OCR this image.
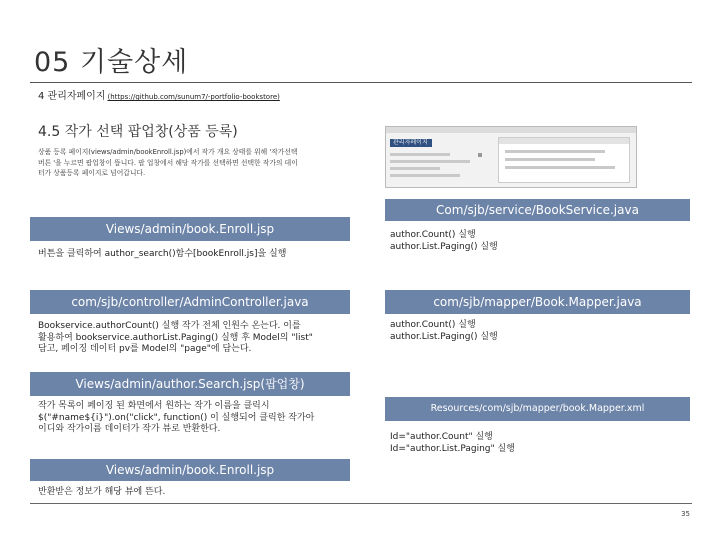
05 기술상세
4 관리자페이지 (https://github.com/sunum7/-portfolio-bookstore)
4.5 작가 선택 팝업창(상품 등록)
상품 등록 페이지(views/admin/bookEnroll.jsp)에서 작가 개요 상태를 위해 '작가선택
버튼 '을 누르면 팝업창이 뜹니다. 팝 업창에서 해당 작가를 선택하면 선택한 작가의 데이
터가 상품등록 페이지로 넘어갑니다.
관리자페이지
Views/admin/book.Enroll.jsp
버튼을 클릭하여 author_search()함수[bookEnroll.js]을 실행
com/sjb/controller/AdminController.java
Bookservice.authorCount() 실행 작가 전체 인원수 온는다. 이를
활용하여 bookservice.authorList.Paging() 실행 후 Model의 "list"
담고, 페이징 데이터 pv를 Model의 "page"에 담는다.
Com/sjb/service/BookService.java
author.Count() 실행
author.List.Paging() 실행
com/sjb/mapper/Book.Mapper.java
author.Count() 실행
author.List.Paging() 실행
Views/admin/author.Search.jsp(팝업창)
작가 목록이 페이징 된 화면에서 원하는 작가 이름을 클릭시
$("#name${i}").on("click", function() 이 실행되어 클릭한 작가아
이디와 작가이름 데이터가 작가 뷰로 반환한다.
Resources/com/sjb/mapper/book.Mapper.xml
Id="author.Count" 실행
Id="author.List.Paging" 실행
Views/admin/book.Enroll.jsp
반환받은 정보가 해당 뷰에 뜬다.
35
